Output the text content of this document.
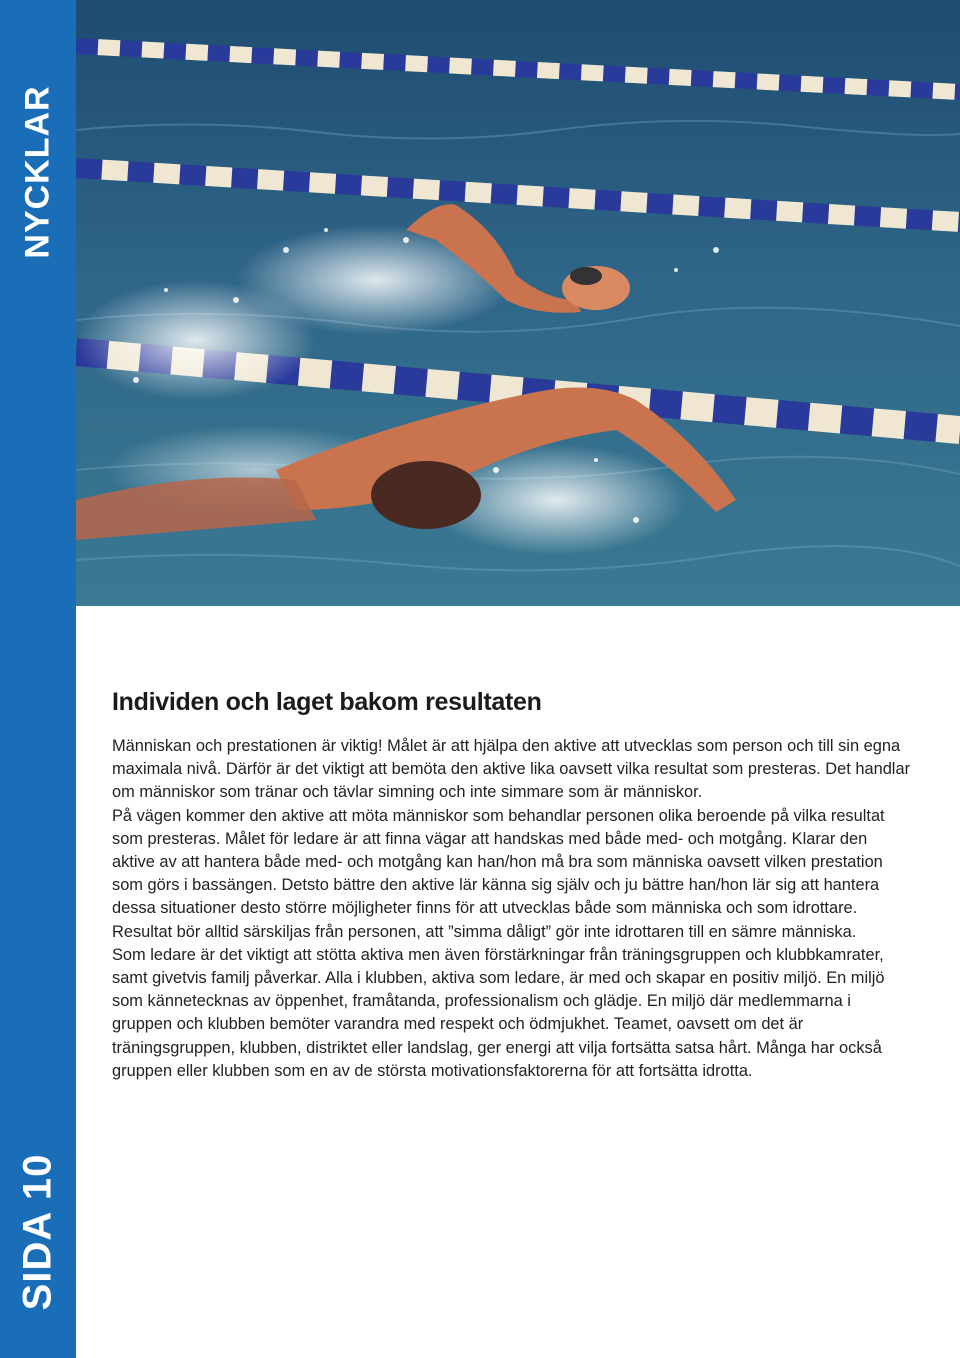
NYCKLAR
SIDA 10
Individen och laget bakom resultaten

Människan och prestationen är viktig! Målet är att hjälpa den aktive att utvecklas som person och till sin egna maximala nivå. Därför är det viktigt att bemöta den aktive lika oavsett vilka resultat som presteras. Det handlar om människor som tränar och tävlar simning och inte simmare som är människor.

På vägen kommer den aktive att möta människor som behandlar personen olika beroende på vilka resultat som presteras. Målet för ledare är att finna vägar att handskas med både med- och motgång. Klarar den aktive av att hantera både med- och motgång kan han/hon må bra som människa oavsett vilken prestation som görs i bassängen. Detsto bättre den aktive lär känna sig själv och ju bättre han/hon lär sig att hantera dessa situationer desto större möjligheter finns för att utvecklas både som människa och som idrottare. Resultat bör alltid särskiljas från personen, att ”simma dåligt” gör inte idrottaren till en sämre människa.

Som ledare är det viktigt att stötta aktiva men även förstärkningar från träningsgruppen och klubbkamrater, samt givetvis familj påverkar. Alla i klubben, aktiva som ledare, är med och skapar en positiv miljö. En miljö som kännetecknas av öppenhet, framåtanda, professionalism och glädje. En miljö där medlemmarna i gruppen och klubben bemöter varandra med respekt och ödmjukhet. Teamet, oavsett om det är träningsgruppen, klubben, distriktet eller landslag, ger energi att vilja fortsätta satsa hårt. Många har också gruppen eller klubben som en av de största motivationsfaktorerna för att fortsätta idrotta.
